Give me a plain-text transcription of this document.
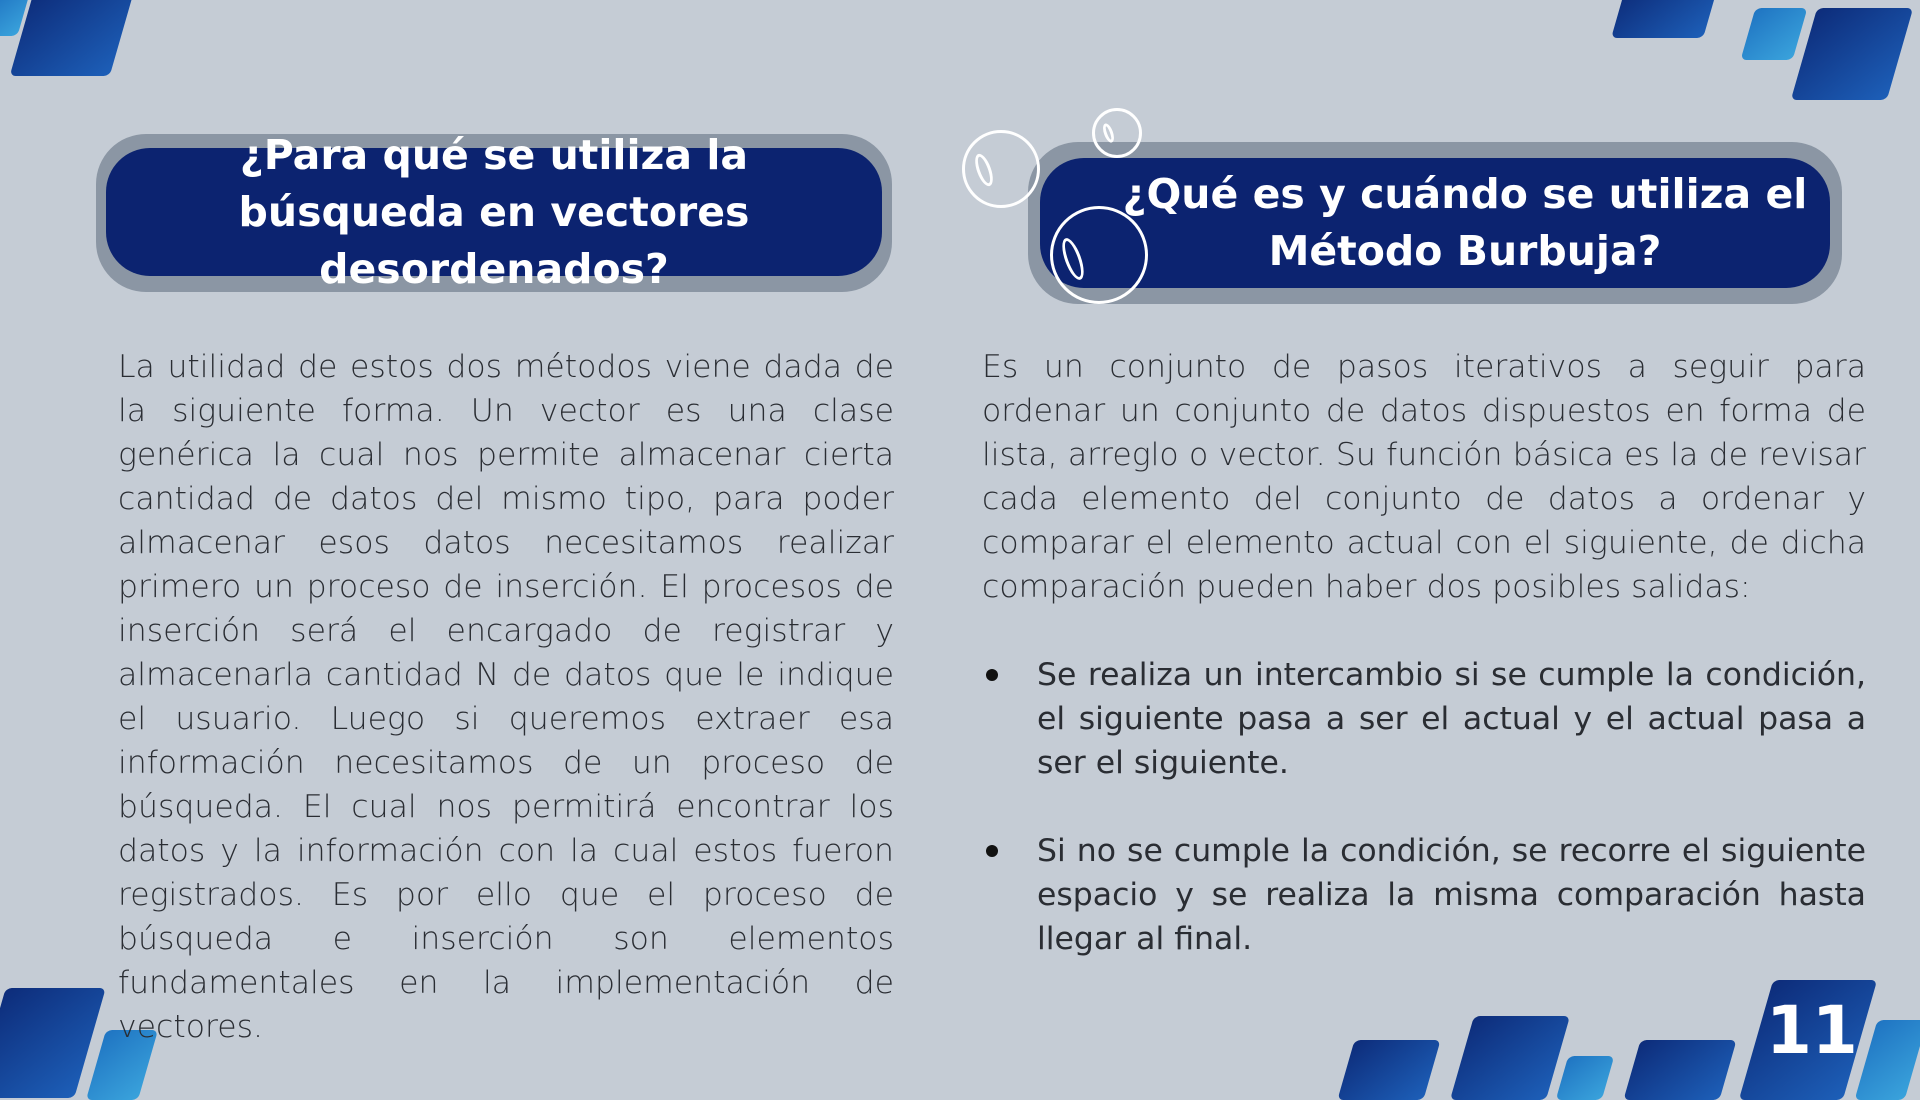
11
¿Para qué se utiliza la búsqueda en vectores desordenados?
¿Qué es y cuándo se utiliza el Método Burbuja?

La utilidad de estos dos métodos viene dada de la siguiente forma. Un vector es una clase genérica la cual nos permite almacenar cierta cantidad de datos del mismo tipo, para poder almacenar esos datos necesitamos realizar primero un proceso de inserción. El procesos de inserción será el encargado de registrar y almacenarla cantidad N de datos que le indique el usuario. Luego si queremos extraer esa información necesitamos de un proceso de búsqueda. El cual nos permitirá encontrar los datos y la información con la cual estos fueron registrados. Es por ello que el proceso de búsqueda e inserción son elementos fundamentales en la implementación de vectores.

Es un conjunto de pasos iterativos a seguir para ordenar un conjunto de datos dispuestos en forma de lista, arreglo o vector. Su función básica es la de revisar cada elemento del conjunto de datos a ordenar y comparar el elemento actual con el siguiente, de dicha comparación pueden haber dos posibles salidas:

Se realiza un intercambio si se cumple la condición, el siguiente pasa a ser el actual y el actual pasa a ser el siguiente.
Si no se cumple la condición, se recorre el siguiente espacio y se realiza la misma comparación hasta llegar al final.
